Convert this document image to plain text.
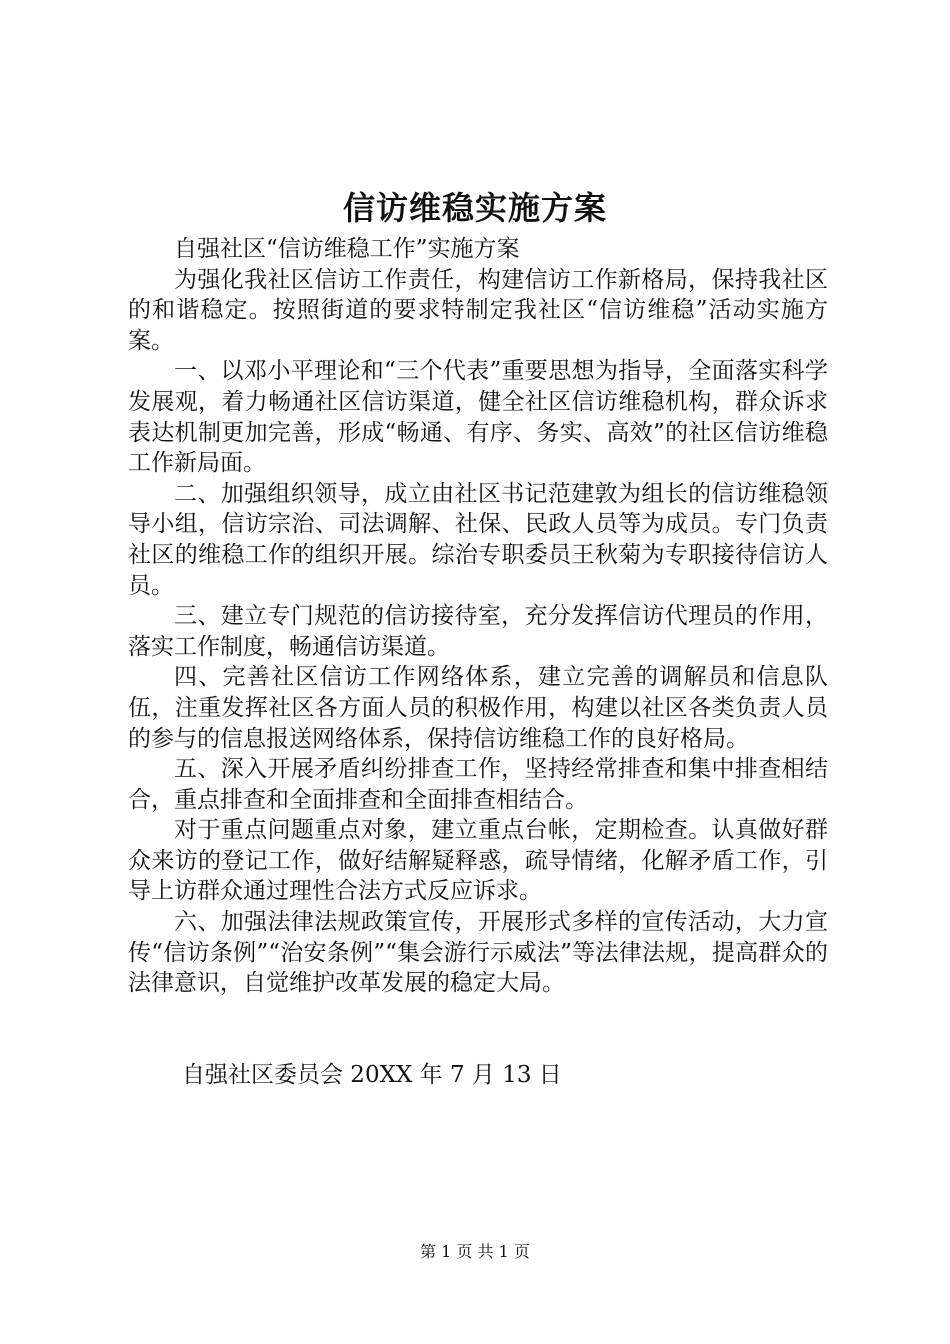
信访维稳实施方案

自强社区“信访维稳工作”实施方案

为强化我社区信访工作责任，构建信访工作新格局，保持我社区的和谐稳定。按照街道的要求特制定我社区“信访维稳”活动实施方案。

一、以邓小平理论和“三个代表”重要思想为指导，全面落实科学发展观，着力畅通社区信访渠道，健全社区信访维稳机构，群众诉求表达机制更加完善，形成“畅通、有序、务实、高效”的社区信访维稳工作新局面。

二、加强组织领导，成立由社区书记范建敦为组长的信访维稳领导小组，信访宗治、司法调解、社保、民政人员等为成员。专门负责社区的维稳工作的组织开展。综治专职委员王秋菊为专职接待信访人员。

三、建立专门规范的信访接待室，充分发挥信访代理员的作用，落实工作制度，畅通信访渠道。

四、完善社区信访工作网络体系，建立完善的调解员和信息队伍，注重发挥社区各方面人员的积极作用，构建以社区各类负责人员的参与的信息报送网络体系，保持信访维稳工作的良好格局。

五、深入开展矛盾纠纷排查工作，坚持经常排查和集中排查相结合，重点排查和全面排查和全面排查相结合。

对于重点问题重点对象，建立重点台帐，定期检查。认真做好群众来访的登记工作，做好结解疑释惑，疏导情绪，化解矛盾工作，引导上访群众通过理性合法方式反应诉求。

六、加强法律法规政策宣传，开展形式多样的宣传活动，大力宣传“信访条例”“治安条例”“集会游行示威法”等法律法规，提高群众的法律意识，自觉维护改革发展的稳定大局。

自强社区委员会 20XX 年 7 月 13 日
第 1 页 共 1 页
